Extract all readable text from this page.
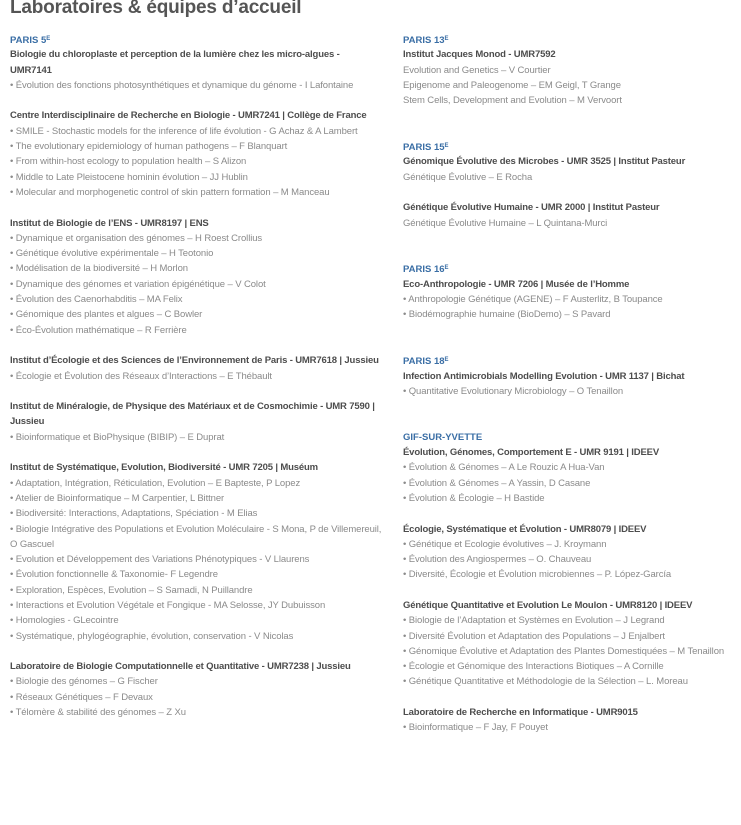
Laboratoires & équipes d’accueil
PARIS $5^E$
Biologie du chloroplaste et perception de la lumière chez les micro-algues - UMR7141
• Évolution des fonctions photosynthétiques et dynamique du génome - I Lafontaine
Centre Interdisciplinaire de Recherche en Biologie - UMR7241 | Collège de France
• SMILE - Stochastic models for the inference of life évolution - G Achaz & A Lambert
• The evolutionary epidemiology of human pathogens – F Blanquart
• From within-host ecology to population health – S Alizon
• Middle to Late Pleistocene hominin évolution – JJ Hublin
• Molecular and morphogenetic control of skin pattern formation – M Manceau
Institut de Biologie de l’ENS - UMR8197 | ENS
• Dynamique et organisation des génomes – H Roest Crollius
• Génétique évolutive expérimentale – H Teotonio
• Modélisation de la biodiversité – H Morlon
• Dynamique des génomes et variation épigénétique – V Colot
• Évolution des Caenorhabditis – MA Felix
• Génomique des plantes et algues – C Bowler
• Éco-Évolution mathématique – R Ferrière
Institut d’Écologie et des Sciences de l’Environnement de Paris - UMR7618 | Jussieu
• Écologie et Évolution des Réseaux d’Interactions – E Thébault
Institut de Minéralogie, de Physique des Matériaux et de Cosmochimie - UMR 7590 | Jussieu
• Bioinformatique et BioPhysique (BIBIP) – E Duprat
Institut de Systématique, Evolution, Biodiversité - UMR 7205 | Muséum
• Adaptation, Intégration, Réticulation, Evolution – E Bapteste, P Lopez
• Atelier de Bioinformatique – M Carpentier, L Bittner
• Biodiversité: Interactions, Adaptations, Spéciation - M Elias
• Biologie Intégrative des Populations et Evolution Moléculaire - S Mona, P de Villemereuil, O Gascuel
• Evolution et Développement des Variations Phénotypiques - V Llaurens
• Évolution fonctionnelle & Taxonomie- F Legendre
• Exploration, Espèces, Evolution – S Samadi, N Puillandre
• Interactions et Evolution Végétale et Fongique - MA Selosse, JY Dubuisson
• Homologies - GLecointre
• Systématique, phylogéographie, évolution, conservation - V Nicolas
Laboratoire de Biologie Computationnelle et Quantitative - UMR7238 | Jussieu
• Biologie des génomes – G Fischer
• Réseaux Génétiques – F Devaux
• Télomère & stabilité des génomes – Z Xu
PARIS $13^E$
Institut Jacques Monod - UMR7592
Evolution and Genetics – V Courtier
Epigenome and Paleogenome – EM Geigl, T Grange
Stem Cells, Development and Evolution – M Vervoort
PARIS $15^E$
Génomique Évolutive des Microbes - UMR 3525 | Institut Pasteur
Génétique Évolutive – E Rocha
Génétique Évolutive Humaine - UMR 2000 | Institut Pasteur
Génétique Évolutive Humaine – L Quintana-Murci
PARIS $16^E$
Eco-Anthropologie - UMR 7206 | Musée de l’Homme
• Anthropologie Génétique (AGENE) – F Austerlitz, B Toupance
• Biodémographie humaine (BioDemo) – S Pavard
PARIS $18^E$
Infection Antimicrobials Modelling Evolution - UMR 1137 | Bichat
• Quantitative Evolutionary Microbiology – O Tenaillon
GIF-SUR-YVETTE
Évolution, Génomes, Comportement E - UMR 9191 | IDEEV
• Évolution & Génomes – A Le Rouzic A Hua-Van
• Évolution & Génomes – A Yassin, D Casane
• Évolution & Écologie – H Bastide
Écologie, Systématique et Évolution - UMR8079 | IDEEV
• Génétique et Ecologie évolutives – J. Kroymann
• Évolution des Angiospermes – O. Chauveau
• Diversité, Écologie et Évolution microbiennes – P. López-García
Génétique Quantitative et Evolution Le Moulon - UMR8120 | IDEEV
• Biologie de l’Adaptation et Systèmes en Evolution – J Legrand
• Diversité Évolution et Adaptation des Populations – J Enjalbert
• Génomique Évolutive et Adaptation des Plantes Domestiquées – M Tenaillon
• Écologie et Génomique des Interactions Biotiques – A Cornille
• Génétique Quantitative et Méthodologie de la Sélection – L. Moreau
Laboratoire de Recherche en Informatique - UMR9015
• Bioinformatique – F Jay, F Pouyet
